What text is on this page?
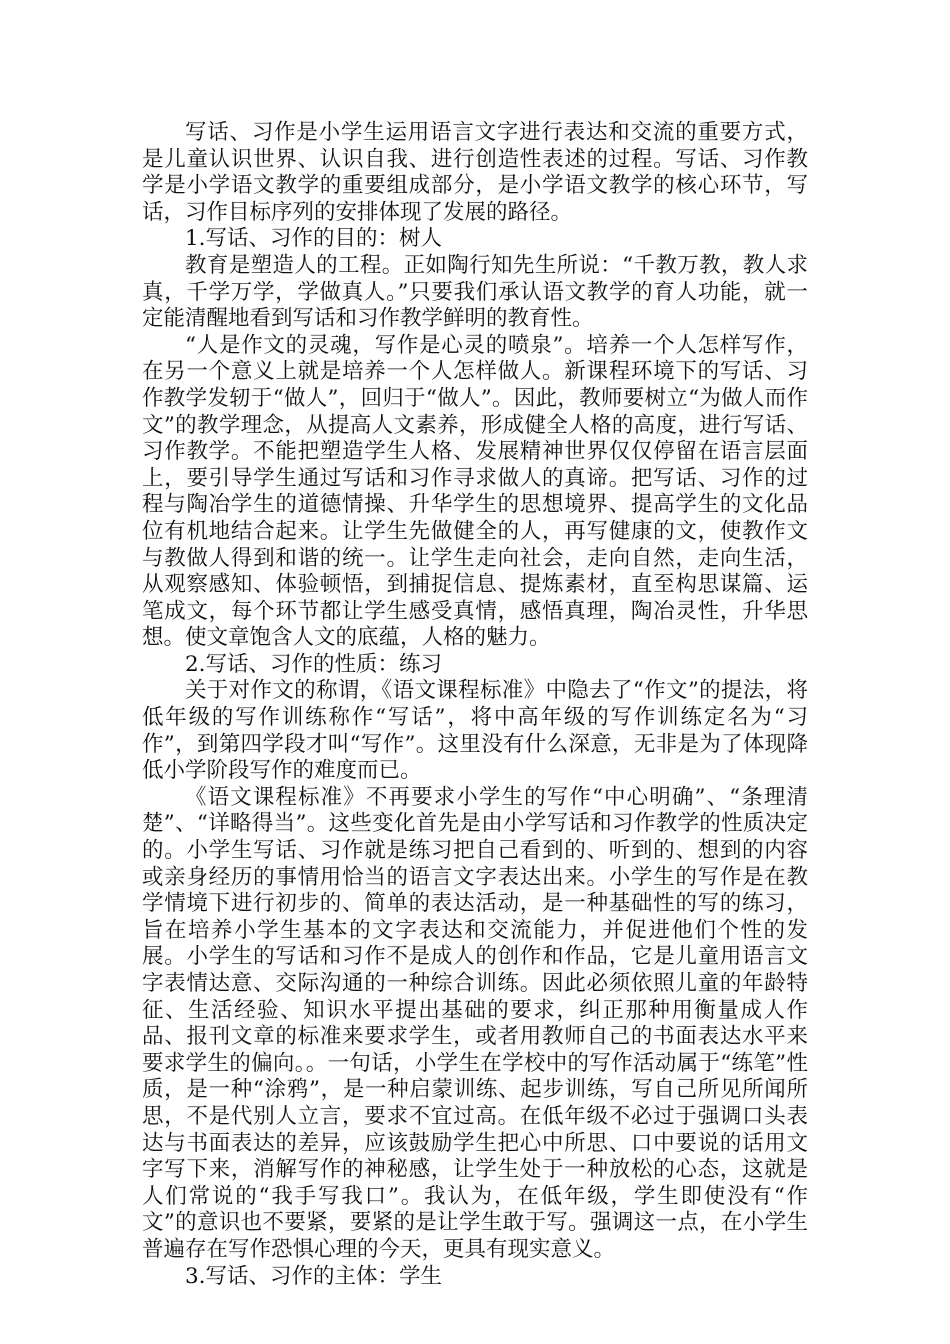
写话、习作是小学生运用语言文字进行表达和交流的重要方式，是儿童认识世界、认识自我、进行创造性表述的过程。写话、习作教学是小学语文教学的重要组成部分，是小学语文教学的核心环节，写话，习作目标序列的安排体现了发展的路径。

1.写话、习作的目的：树人

教育是塑造人的工程。正如陶行知先生所说：“千教万教，教人求真，千学万学，学做真人。”只要我们承认语文教学的育人功能，就一定能清醒地看到写话和习作教学鲜明的教育性。

“人是作文的灵魂，写作是心灵的喷泉”。培养一个人怎样写作，在另一个意义上就是培养一个人怎样做人。新课程环境下的写话、习作教学发轫于“做人”，回归于“做人”。因此，教师要树立“为做人而作文”的教学理念，从提高人文素养，形成健全人格的高度，进行写话、习作教学。不能把塑造学生人格、发展精神世界仅仅停留在语言层面上，要引导学生通过写话和习作寻求做人的真谛。把写话、习作的过程与陶冶学生的道德情操、升华学生的思想境界、提高学生的文化品位有机地结合起来。让学生先做健全的人，再写健康的文，使教作文与教做人得到和谐的统一。让学生走向社会，走向自然，走向生活，从观察感知、体验顿悟，到捕捉信息、提炼素材，直至构思谋篇、运笔成文，每个环节都让学生感受真情，感悟真理，陶冶灵性，升华思想。使文章饱含人文的底蕴，人格的魅力。

2.写话、习作的性质：练习

关于对作文的称谓，《语文课程标准》中隐去了“作文”的提法，将低年级的写作训练称作“写话”，将中高年级的写作训练定名为“习作”，到第四学段才叫“写作”。这里没有什么深意，无非是为了体现降低小学阶段写作的难度而已。

《语文课程标准》不再要求小学生的写作“中心明确”、“条理清楚”、“详略得当”。这些变化首先是由小学写话和习作教学的性质决定的。小学生写话、习作就是练习把自己看到的、听到的、想到的内容或亲身经历的事情用恰当的语言文字表达出来。小学生的写作是在教学情境下进行初步的、简单的表达活动，是一种基础性的写的练习，旨在培养小学生基本的文字表达和交流能力，并促进他们个性的发展。小学生的写话和习作不是成人的创作和作品，它是儿童用语言文字表情达意、交际沟通的一种综合训练。因此必须依照儿童的年龄特征、生活经验、知识水平提出基础的要求，纠正那种用衡量成人作品、报刊文章的标准来要求学生，或者用教师自己的书面表达水平来要求学生的偏向。。一句话，小学生在学校中的写作活动属于“练笔”性质，是一种“涂鸦”，是一种启蒙训练、起步训练，写自己所见所闻所思，不是代别人立言，要求不宜过高。在低年级不必过于强调口头表达与书面表达的差异，应该鼓励学生把心中所思、口中要说的话用文字写下来，消解写作的神秘感，让学生处于一种放松的心态，这就是人们常说的“我手写我口”。我认为，在低年级，学生即使没有“作文”的意识也不要紧，要紧的是让学生敢于写。强调这一点，在小学生普遍存在写作恐惧心理的今天，更具有现实意义。

3.写话、习作的主体：学生
